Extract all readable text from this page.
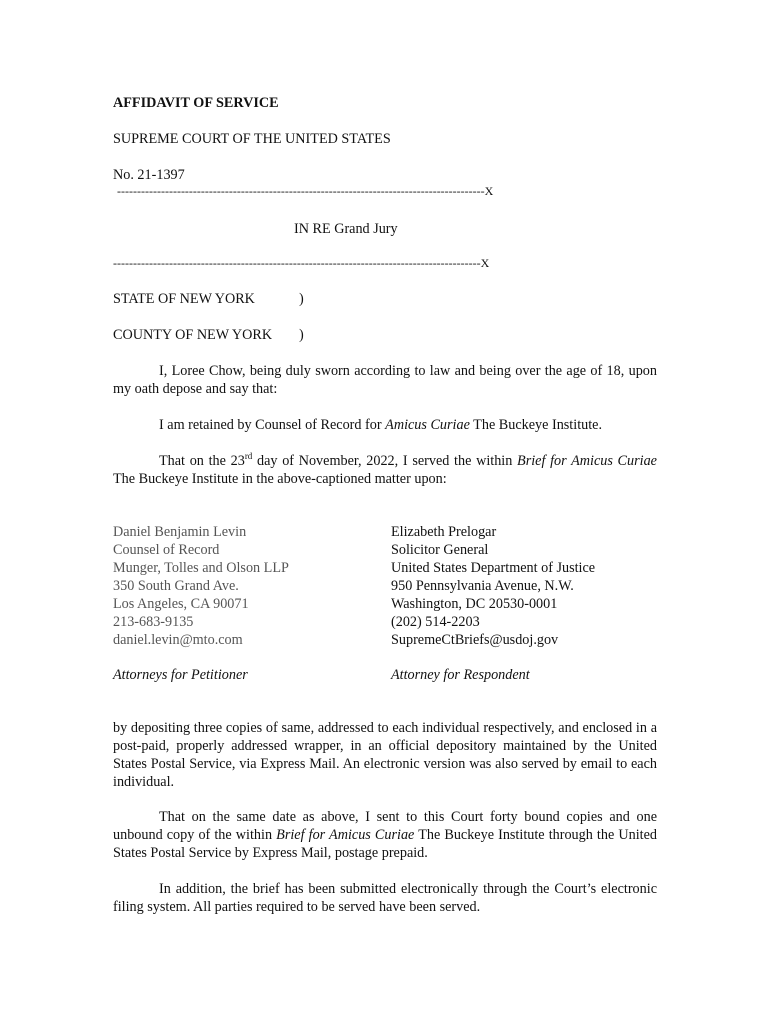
AFFIDAVIT OF SERVICE
SUPREME COURT OF THE UNITED STATES
No. 21-1397
--------------------------------------------------------------------------------------------X
IN RE Grand Jury
--------------------------------------------------------------------------------------------X
STATE OF NEW YORK	)
COUNTY OF NEW YORK )
I, Loree Chow, being duly sworn according to law and being over the age of 18, upon my oath depose and say that:
I am retained by Counsel of Record for Amicus Curiae The Buckeye Institute.
That on the 23rd day of November, 2022, I served the within Brief for Amicus Curiae The Buckeye Institute in the above-captioned matter upon:
Daniel Benjamin Levin
Counsel of Record
Munger, Tolles and Olson LLP
350 South Grand Ave.
Los Angeles, CA 90071
213-683-9135
daniel.levin@mto.com
Elizabeth Prelogar
Solicitor General
United States Department of Justice
950 Pennsylvania Avenue, N.W.
Washington, DC 20530-0001
(202) 514-2203
SupremeCtBriefs@usdoj.gov
Attorneys for Petitioner	Attorney for Respondent
by depositing three copies of same, addressed to each individual respectively, and enclosed in a post-paid, properly addressed wrapper, in an official depository maintained by the United States Postal Service, via Express Mail. An electronic version was also served by email to each individual.
That on the same date as above, I sent to this Court forty bound copies and one unbound copy of the within Brief for Amicus Curiae The Buckeye Institute through the United States Postal Service by Express Mail, postage prepaid.
In addition, the brief has been submitted electronically through the Court’s electronic filing system. All parties required to be served have been served.
